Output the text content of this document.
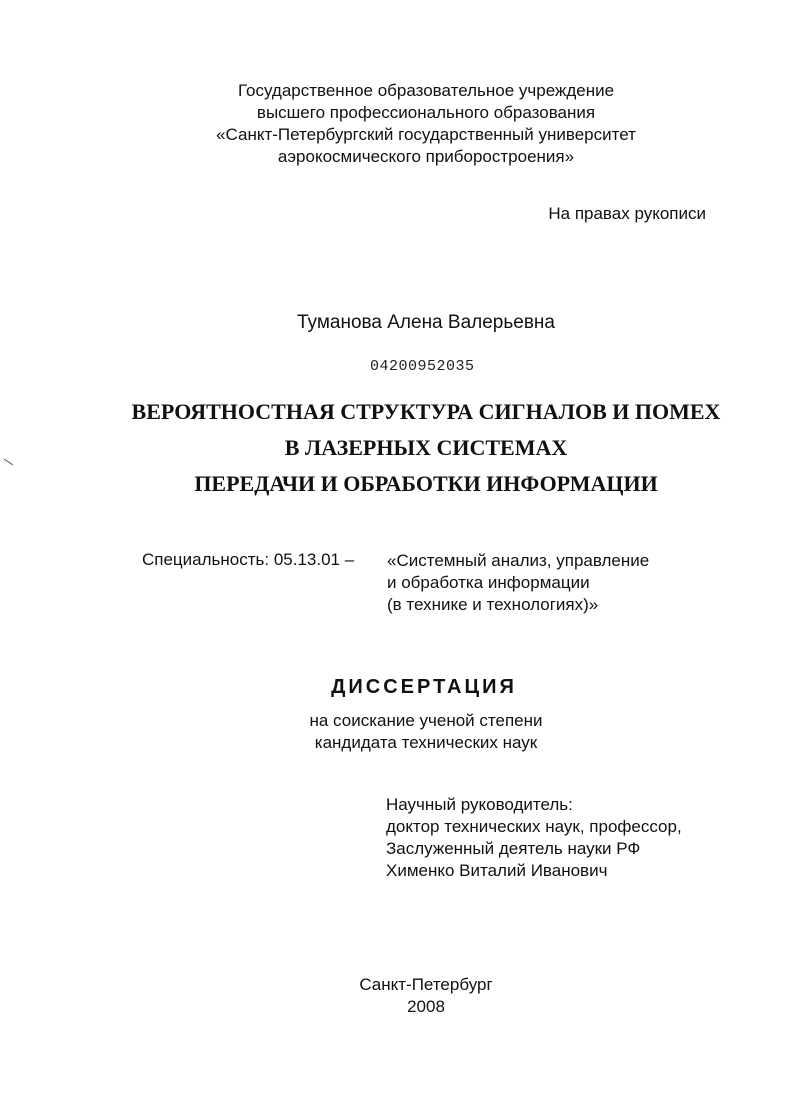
Государственное образовательное учреждение
высшего профессионального образования
«Санкт-Петербургский государственный университет
аэрокосмического приборостроения»
На правах рукописи
Туманова Алена Валерьевна
04200952035
ВЕРОЯТНОСТНАЯ СТРУКТУРА СИГНАЛОВ И ПОМЕХ
В ЛАЗЕРНЫХ СИСТЕМАХ
ПЕРЕДАЧИ И ОБРАБОТКИ ИНФОРМАЦИИ
Специальность: 05.13.01 – «Системный анализ, управление
и обработка информации
(в технике и технологиях)»
ДИССЕРТАЦИЯ
на соискание ученой степени
кандидата технических наук
Научный руководитель:
доктор технических наук, профессор,
Заслуженный деятель науки РФ
Хименко Виталий Иванович
Санкт-Петербург
2008
